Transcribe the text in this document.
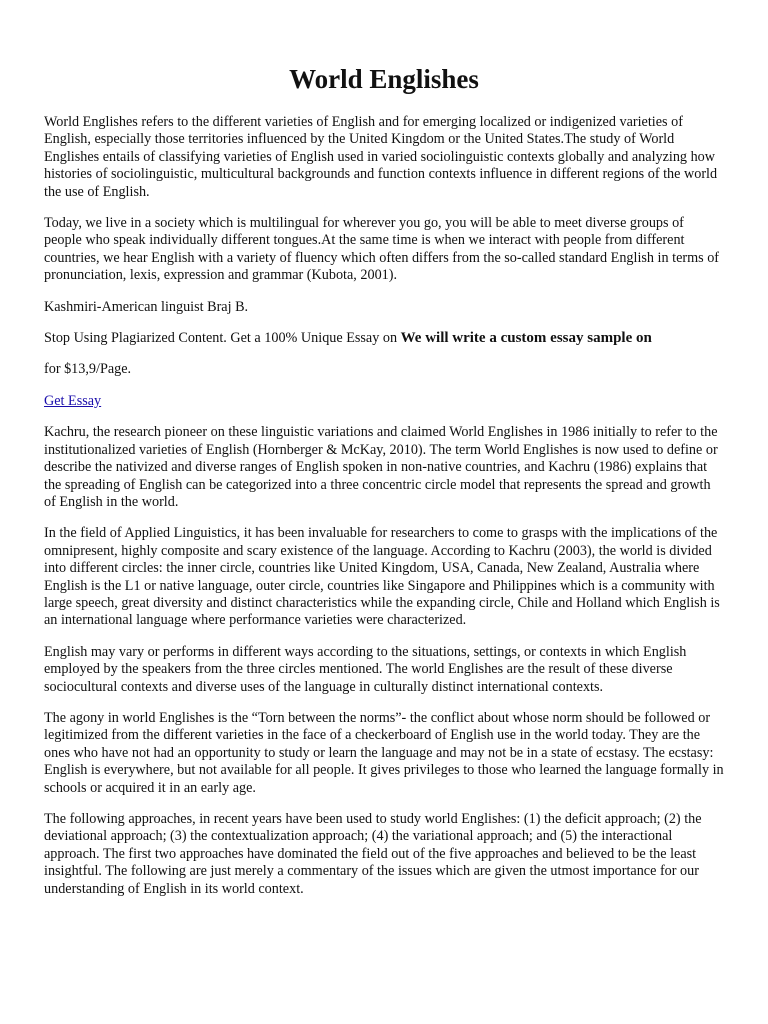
World Englishes

World Englishes refers to the different varieties of English and for emerging localized or indigenized varieties of English, especially those territories influenced by the United Kingdom or the United States.The study of World Englishes entails of classifying varieties of English used in varied sociolinguistic contexts globally and analyzing how histories of sociolinguistic, multicultural backgrounds and function contexts influence in different regions of the world the use of English.

Today, we live in a society which is multilingual for wherever you go, you will be able to meet diverse groups of people who speak individually different tongues.At the same time is when we interact with people from different countries, we hear English with a variety of fluency which often differs from the so-called standard English in terms of pronunciation, lexis, expression and grammar (Kubota, 2001).

Kashmiri-American linguist Braj B.

Stop Using Plagiarized Content. Get a 100% Unique Essay on We will write a custom essay sample on

for $13,9/Page.

Get Essay

Kachru, the research pioneer on these linguistic variations and claimed World Englishes in 1986 initially to refer to the institutionalized varieties of English (Hornberger & McKay, 2010). The term World Englishes is now used to define or describe the nativized and diverse ranges of English spoken in non-native countries, and Kachru (1986) explains that the spreading of English can be categorized into a three concentric circle model that represents the spread and growth of English in the world.

In the field of Applied Linguistics, it has been invaluable for researchers to come to grasps with the implications of the omnipresent, highly composite and scary existence of the language. According to Kachru (2003), the world is divided into different circles: the inner circle, countries like United Kingdom, USA, Canada, New Zealand, Australia where English is the L1 or native language, outer circle, countries like Singapore and Philippines which is a community with large speech, great diversity and distinct characteristics while the expanding circle, Chile and Holland which English is an international language where performance varieties were characterized.

English may vary or performs in different ways according to the situations, settings, or contexts in which English employed by the speakers from the three circles mentioned. The world Englishes are the result of these diverse sociocultural contexts and diverse uses of the language in culturally distinct international contexts.

The agony in world Englishes is the “Torn between the norms”- the conflict about whose norm should be followed or legitimized from the different varieties in the face of a checkerboard of English use in the world today. They are the ones who have not had an opportunity to study or learn the language and may not be in a state of ecstasy. The ecstasy: English is everywhere, but not available for all people. It gives privileges to those who learned the language formally in schools or acquired it in an early age.

The following approaches, in recent years have been used to study world Englishes: (1) the deficit approach; (2) the deviational approach; (3) the contextualization approach; (4) the variational approach; and (5) the interactional approach. The first two approaches have dominated the field out of the five approaches and believed to be the least insightful. The following are just merely a commentary of the issues which are given the utmost importance for our understanding of English in its world context.
